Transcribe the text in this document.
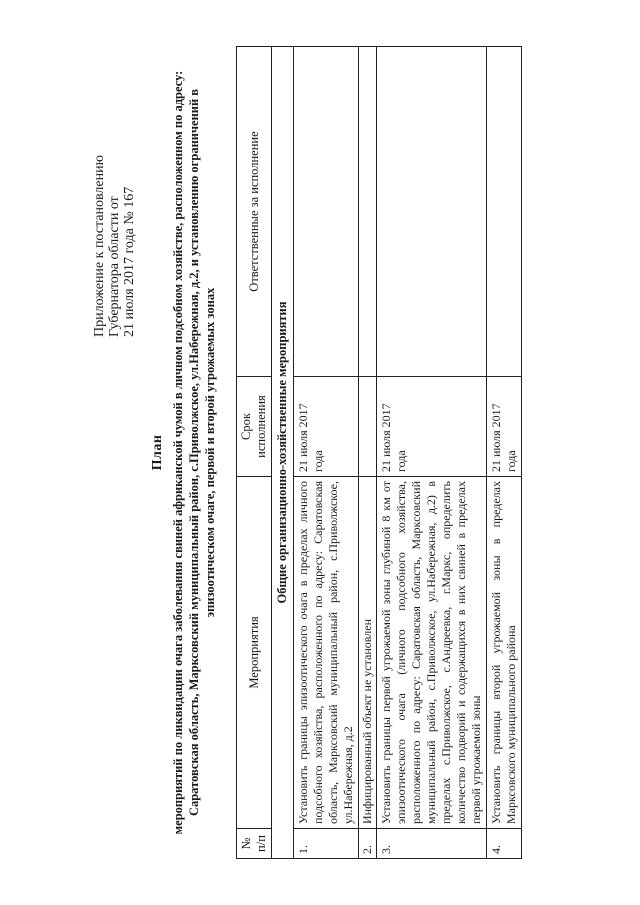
Приложение к постановлению Губернатора области от 21 июля 2017 года № 167
План мероприятий по ликвидации очага заболевания свиней африканской чумой в личном подсобном хозяйстве, расположенном по адресу: Саратовская область, Марксовский муниципальный район, с.Приволжское, ул.Набережная, д.2, и установлению ограничений в эпизоотическом очаге, первой и второй угрожаемых зонах
№ п/п	Мероприятия	Срок исполнения	Ответственные за исполнение
Общие организационно-хозяйственные мероприятия			
1.	Установить границы эпизоотического очага в пределах личного подсобного хозяйства, расположенного по адресу: Саратовская область, Марксовский муниципальный район, с.Приволжское, ул.Набережная, д.2	21 июля 2017 года	
2.	Инфицированный объект не установлен		
3.	Установить границы первой угрожаемой зоны глубиной 8 км от эпизоотического очага (личного подсобного хозяйства, расположенного по адресу: Саратовская область, Марксовский муниципальный район, с.Приволжское, ул.Набережная, д.2) в пределах с.Приволжское, с.Андреевка, г.Маркс, определить количество подворий и содержащихся в них свиней в пределах первой угрожаемой зоны	21 июля 2017 года	
4.	Установить границы второй угрожаемой зоны в пределах Марксовского муниципального района	21 июля 2017 года	
